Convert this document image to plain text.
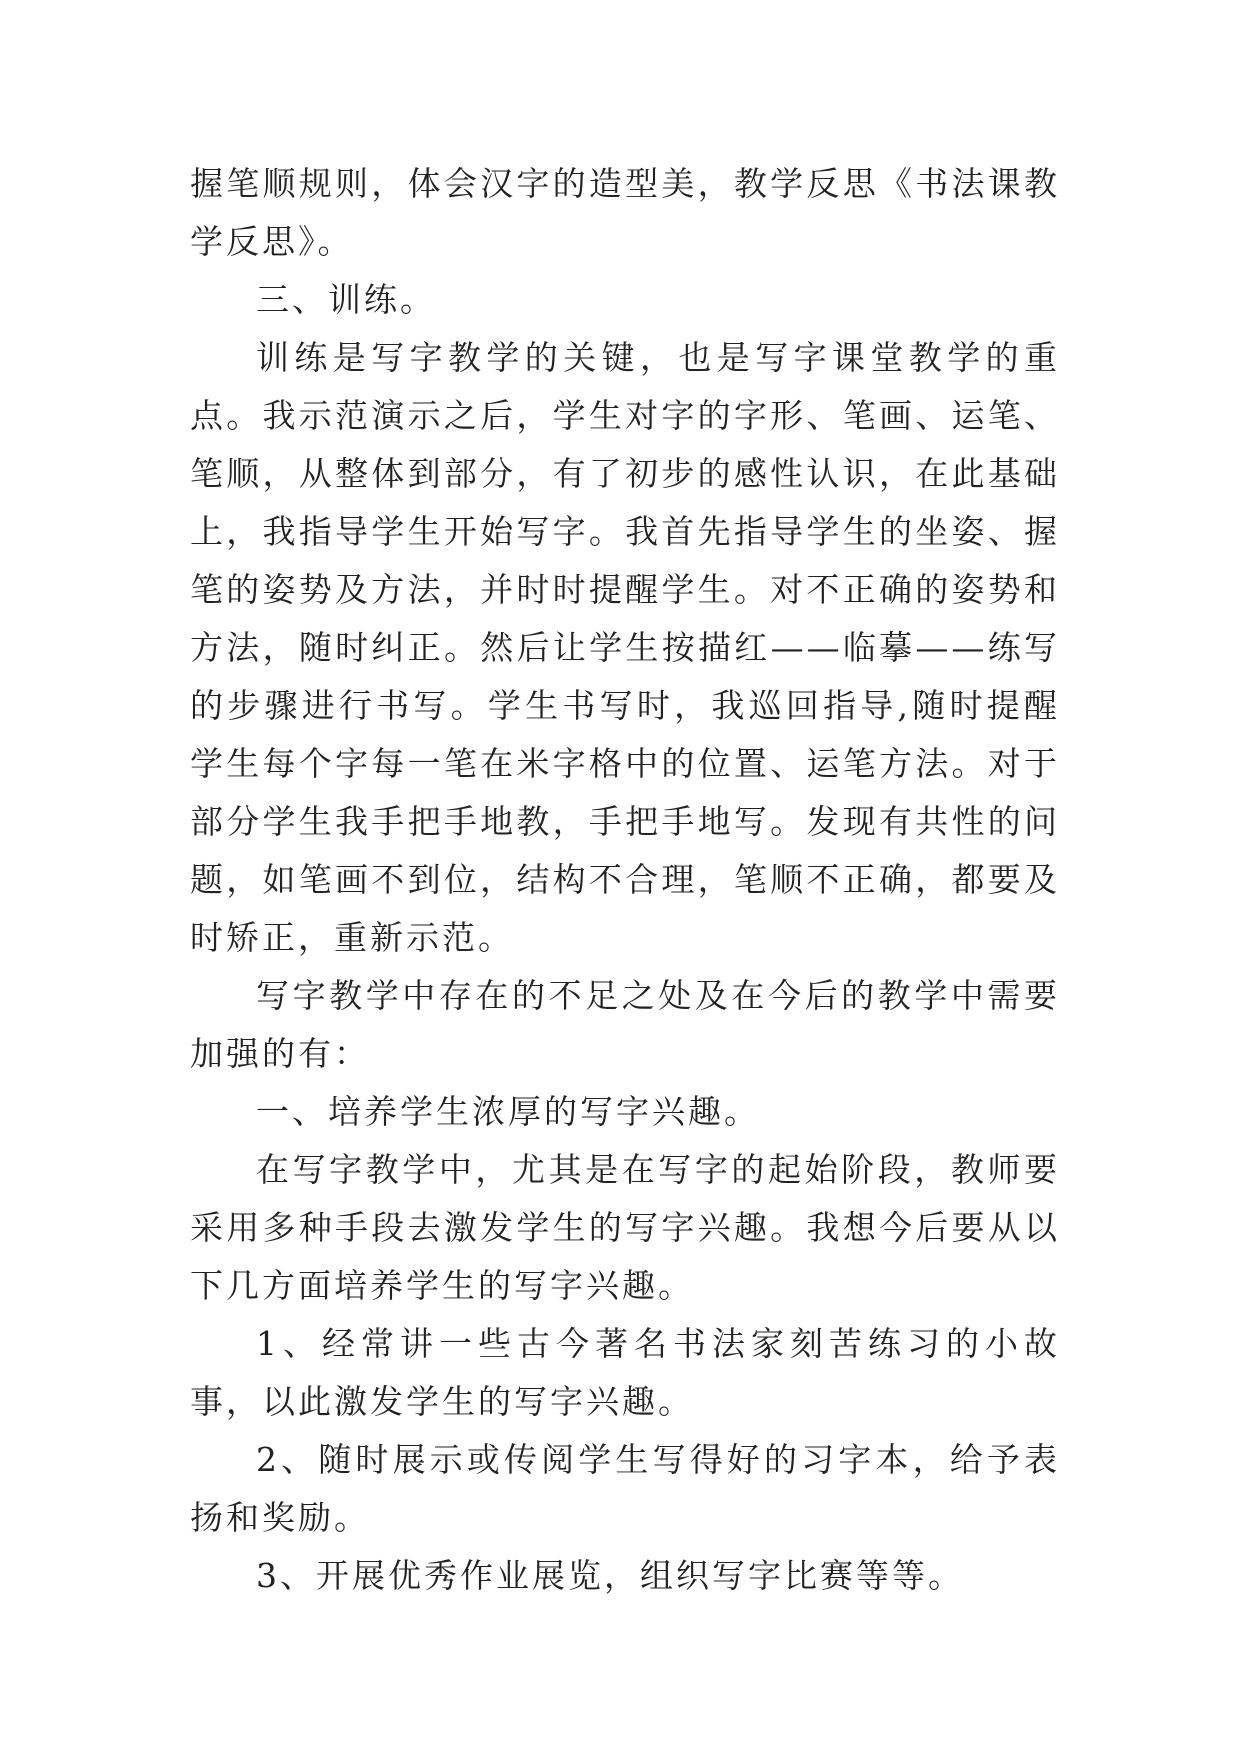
握笔顺规则，体会汉字的造型美，教学反思《书法课教学反思》。

三、训练。

训练是写字教学的关键，也是写字课堂教学的重点。我示范演示之后，学生对字的字形、笔画、运笔、笔顺，从整体到部分，有了初步的感性认识，在此基础上，我指导学生开始写字。我首先指导学生的坐姿、握笔的姿势及方法，并时时提醒学生。对不正确的姿势和方法，随时纠正。然后让学生按描红——临摹——练写的步骤进行书写。学生书写时，我巡回指导,随时提醒学生每个字每一笔在米字格中的位置、运笔方法。对于部分学生我手把手地教，手把手地写。发现有共性的问题，如笔画不到位，结构不合理，笔顺不正确，都要及时矫正，重新示范。

写字教学中存在的不足之处及在今后的教学中需要加强的有：

一、培养学生浓厚的写字兴趣。

在写字教学中，尤其是在写字的起始阶段，教师要采用多种手段去激发学生的写字兴趣。我想今后要从以下几方面培养学生的写字兴趣。

1、经常讲一些古今著名书法家刻苦练习的小故事，以此激发学生的写字兴趣。

2、随时展示或传阅学生写得好的习字本，给予表扬和奖励。

3、开展优秀作业展览，组织写字比赛等等。
